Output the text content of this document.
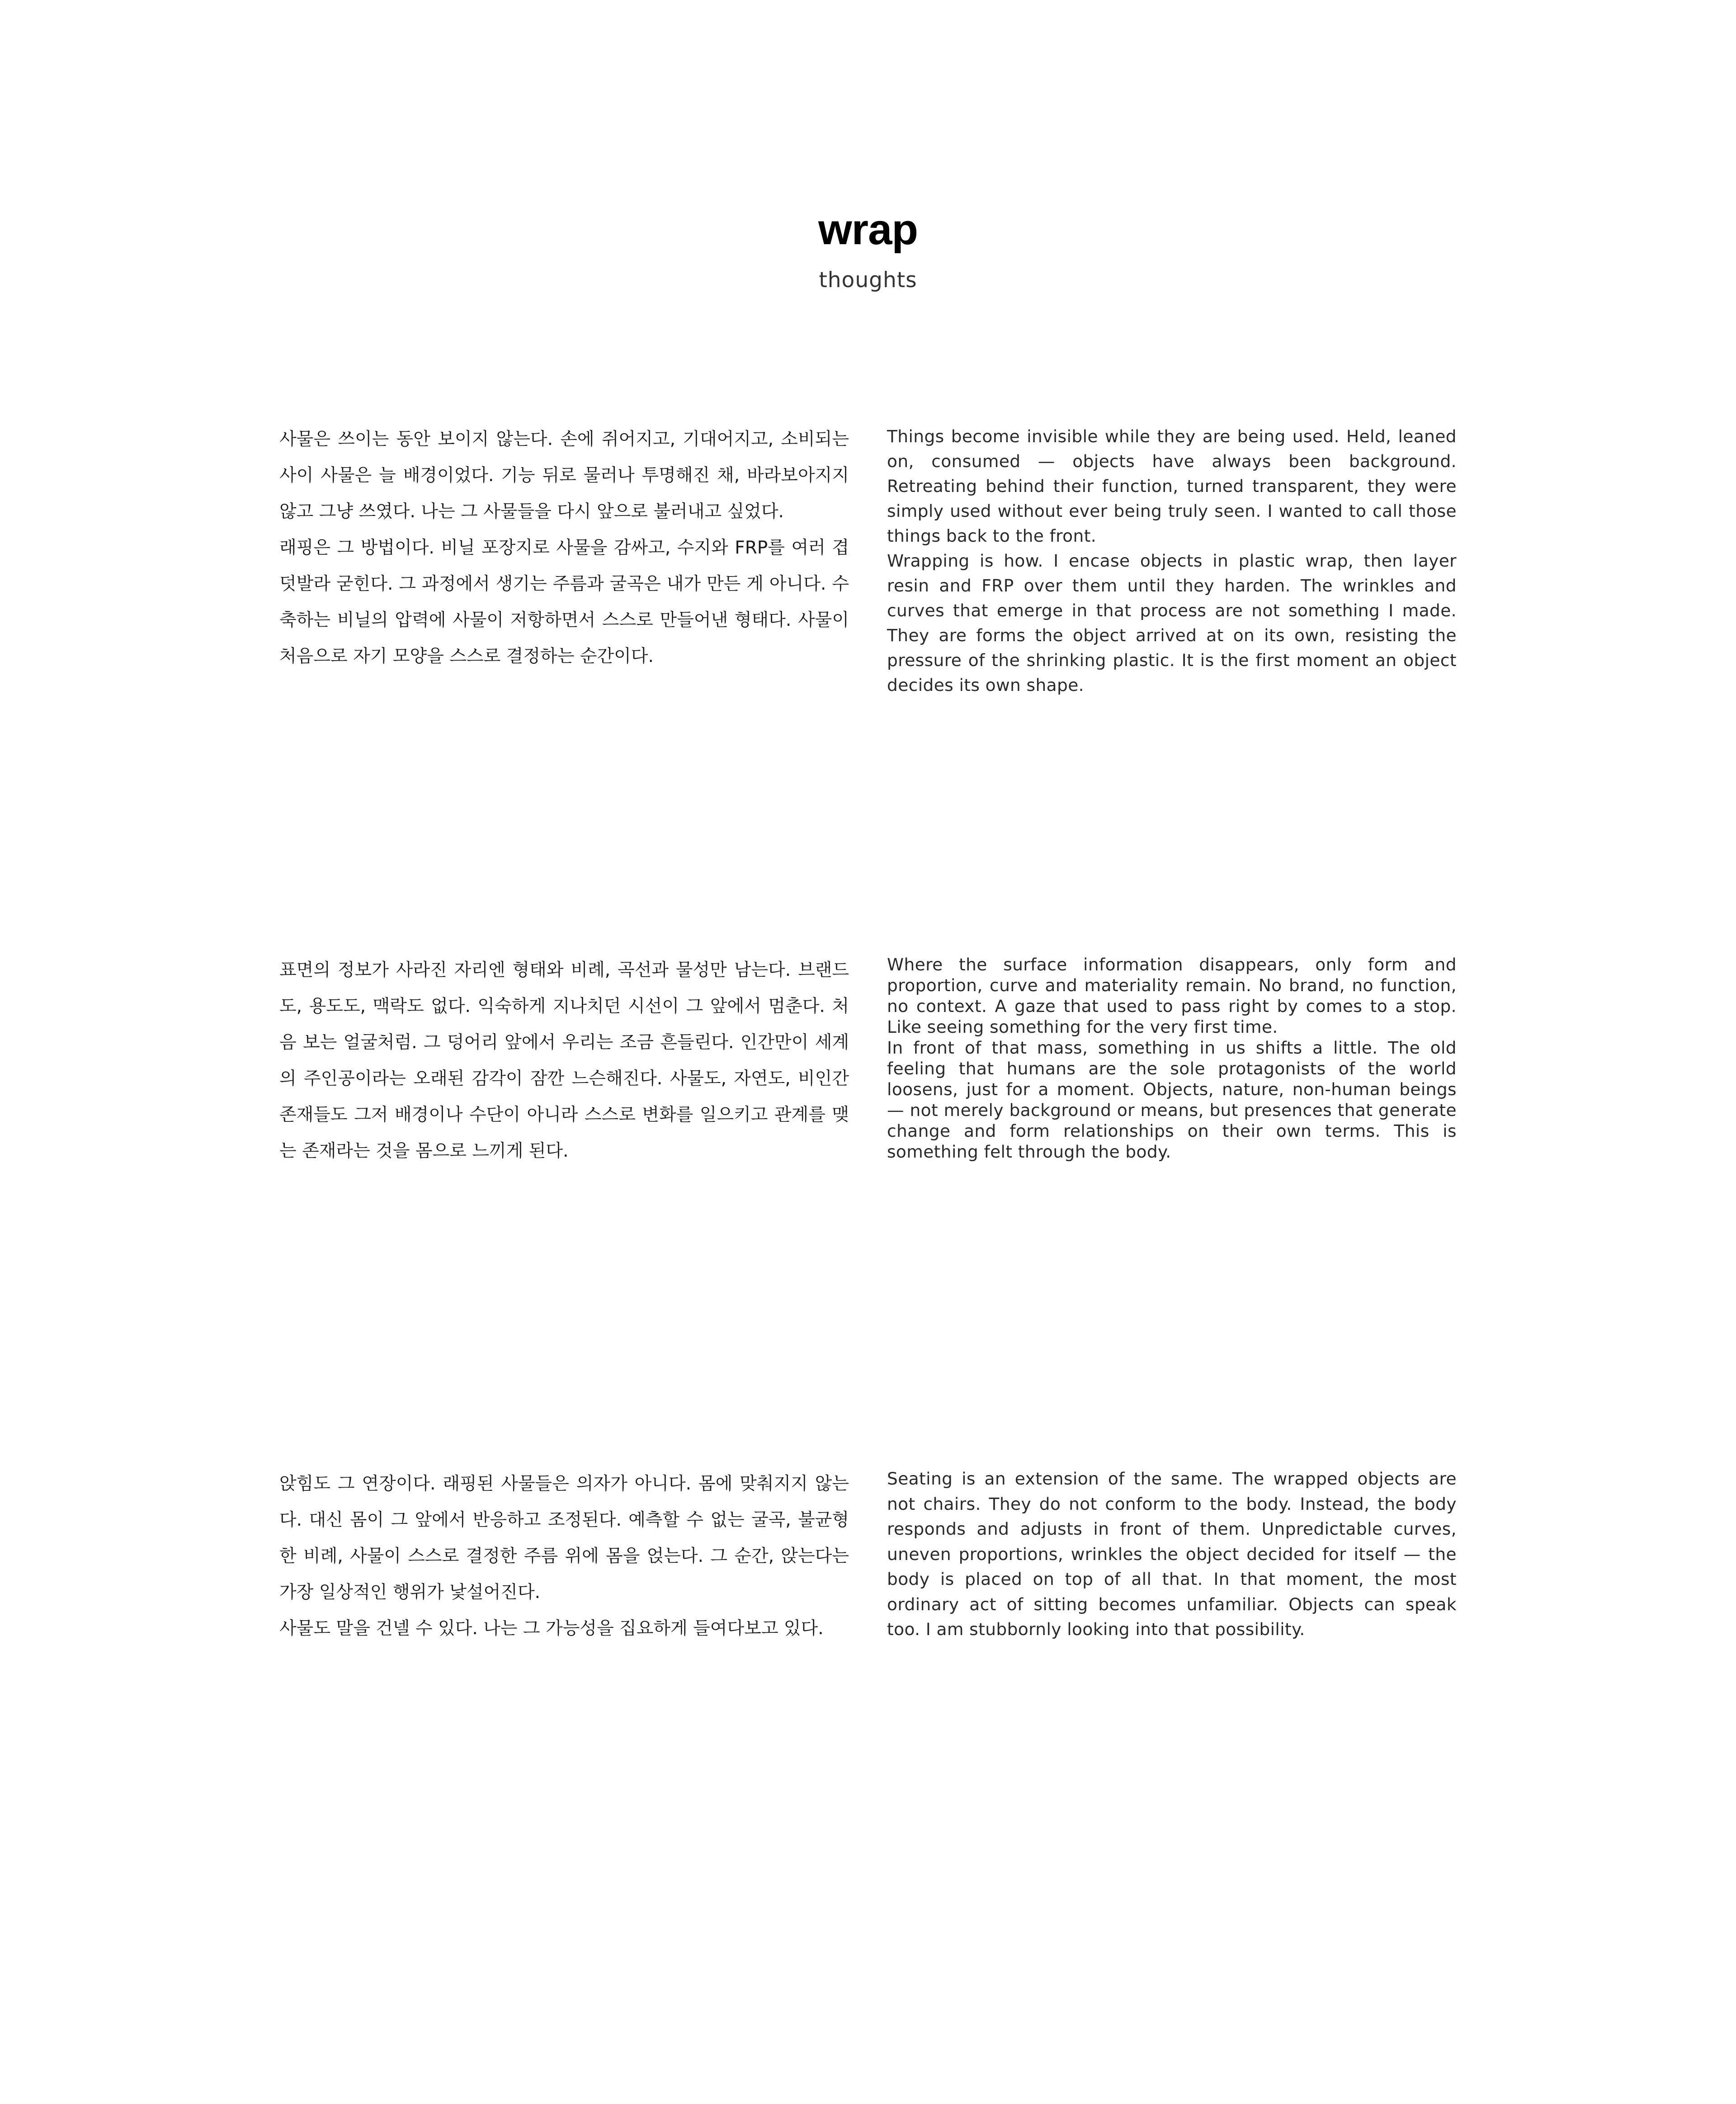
wrap
thoughts

사물은 쓰이는 동안 보이지 않는다. 손에 쥐어지고, 기대어지고, 소비되는 사이 사물은 늘 배경이었다. 기능 뒤로 물러나 투명해진 채, 바라보아지지 않고 그냥 쓰였다. 나는 그 사물들을 다시 앞으로 불러내고 싶었다.

래핑은 그 방법이다. 비닐 포장지로 사물을 감싸고, 수지와 FRP를 여러 겹 덧발라 굳힌다. 그 과정에서 생기는 주름과 굴곡은 내가 만든 게 아니다. 수축하는 비닐의 압력에 사물이 저항하면서 스스로 만들어낸 형태다. 사물이 처음으로 자기 모양을 스스로 결정하는 순간이다.

Things become invisible while they are being used. Held, leaned on, consumed — objects have always been background. Retreating behind their function, turned transparent, they were simply used without ever being truly seen. I wanted to call those things back to the front.

Wrapping is how. I encase objects in plastic wrap, then layer resin and FRP over them until they harden. The wrinkles and curves that emerge in that process are not something I made. They are forms the object arrived at on its own, resisting the pressure of the shrinking plastic. It is the first moment an object decides its own shape.

표면의 정보가 사라진 자리엔 형태와 비례, 곡선과 물성만 남는다. 브랜드도, 용도도, 맥락도 없다. 익숙하게 지나치던 시선이 그 앞에서 멈춘다. 처음 보는 얼굴처럼. 그 덩어리 앞에서 우리는 조금 흔들린다. 인간만이 세계의 주인공이라는 오래된 감각이 잠깐 느슨해진다. 사물도, 자연도, 비인간 존재들도 그저 배경이나 수단이 아니라 스스로 변화를 일으키고 관계를 맺는 존재라는 것을 몸으로 느끼게 된다.

Where the surface information disappears, only form and proportion, curve and materiality remain. No brand, no function, no context. A gaze that used to pass right by comes to a stop. Like seeing something for the very first time.

In front of that mass, something in us shifts a little. The old feeling that humans are the sole protagonists of the world loosens, just for a moment. Objects, nature, non-human beings — not merely background or means, but presences that generate change and form relationships on their own terms. This is something felt through the body.

앉힘도 그 연장이다. 래핑된 사물들은 의자가 아니다. 몸에 맞춰지지 않는다. 대신 몸이 그 앞에서 반응하고 조정된다. 예측할 수 없는 굴곡, 불균형한 비례, 사물이 스스로 결정한 주름 위에 몸을 얹는다. 그 순간, 앉는다는 가장 일상적인 행위가 낯설어진다.

사물도 말을 건넬 수 있다. 나는 그 가능성을 집요하게 들여다보고 있다.

Seating is an extension of the same. The wrapped objects are not chairs. They do not conform to the body. Instead, the body responds and adjusts in front of them. Unpredictable curves, uneven proportions, wrinkles the object decided for itself — the body is placed on top of all that. In that moment, the most ordinary act of sitting becomes unfamiliar. Objects can speak too. I am stubbornly looking into that possibility.
